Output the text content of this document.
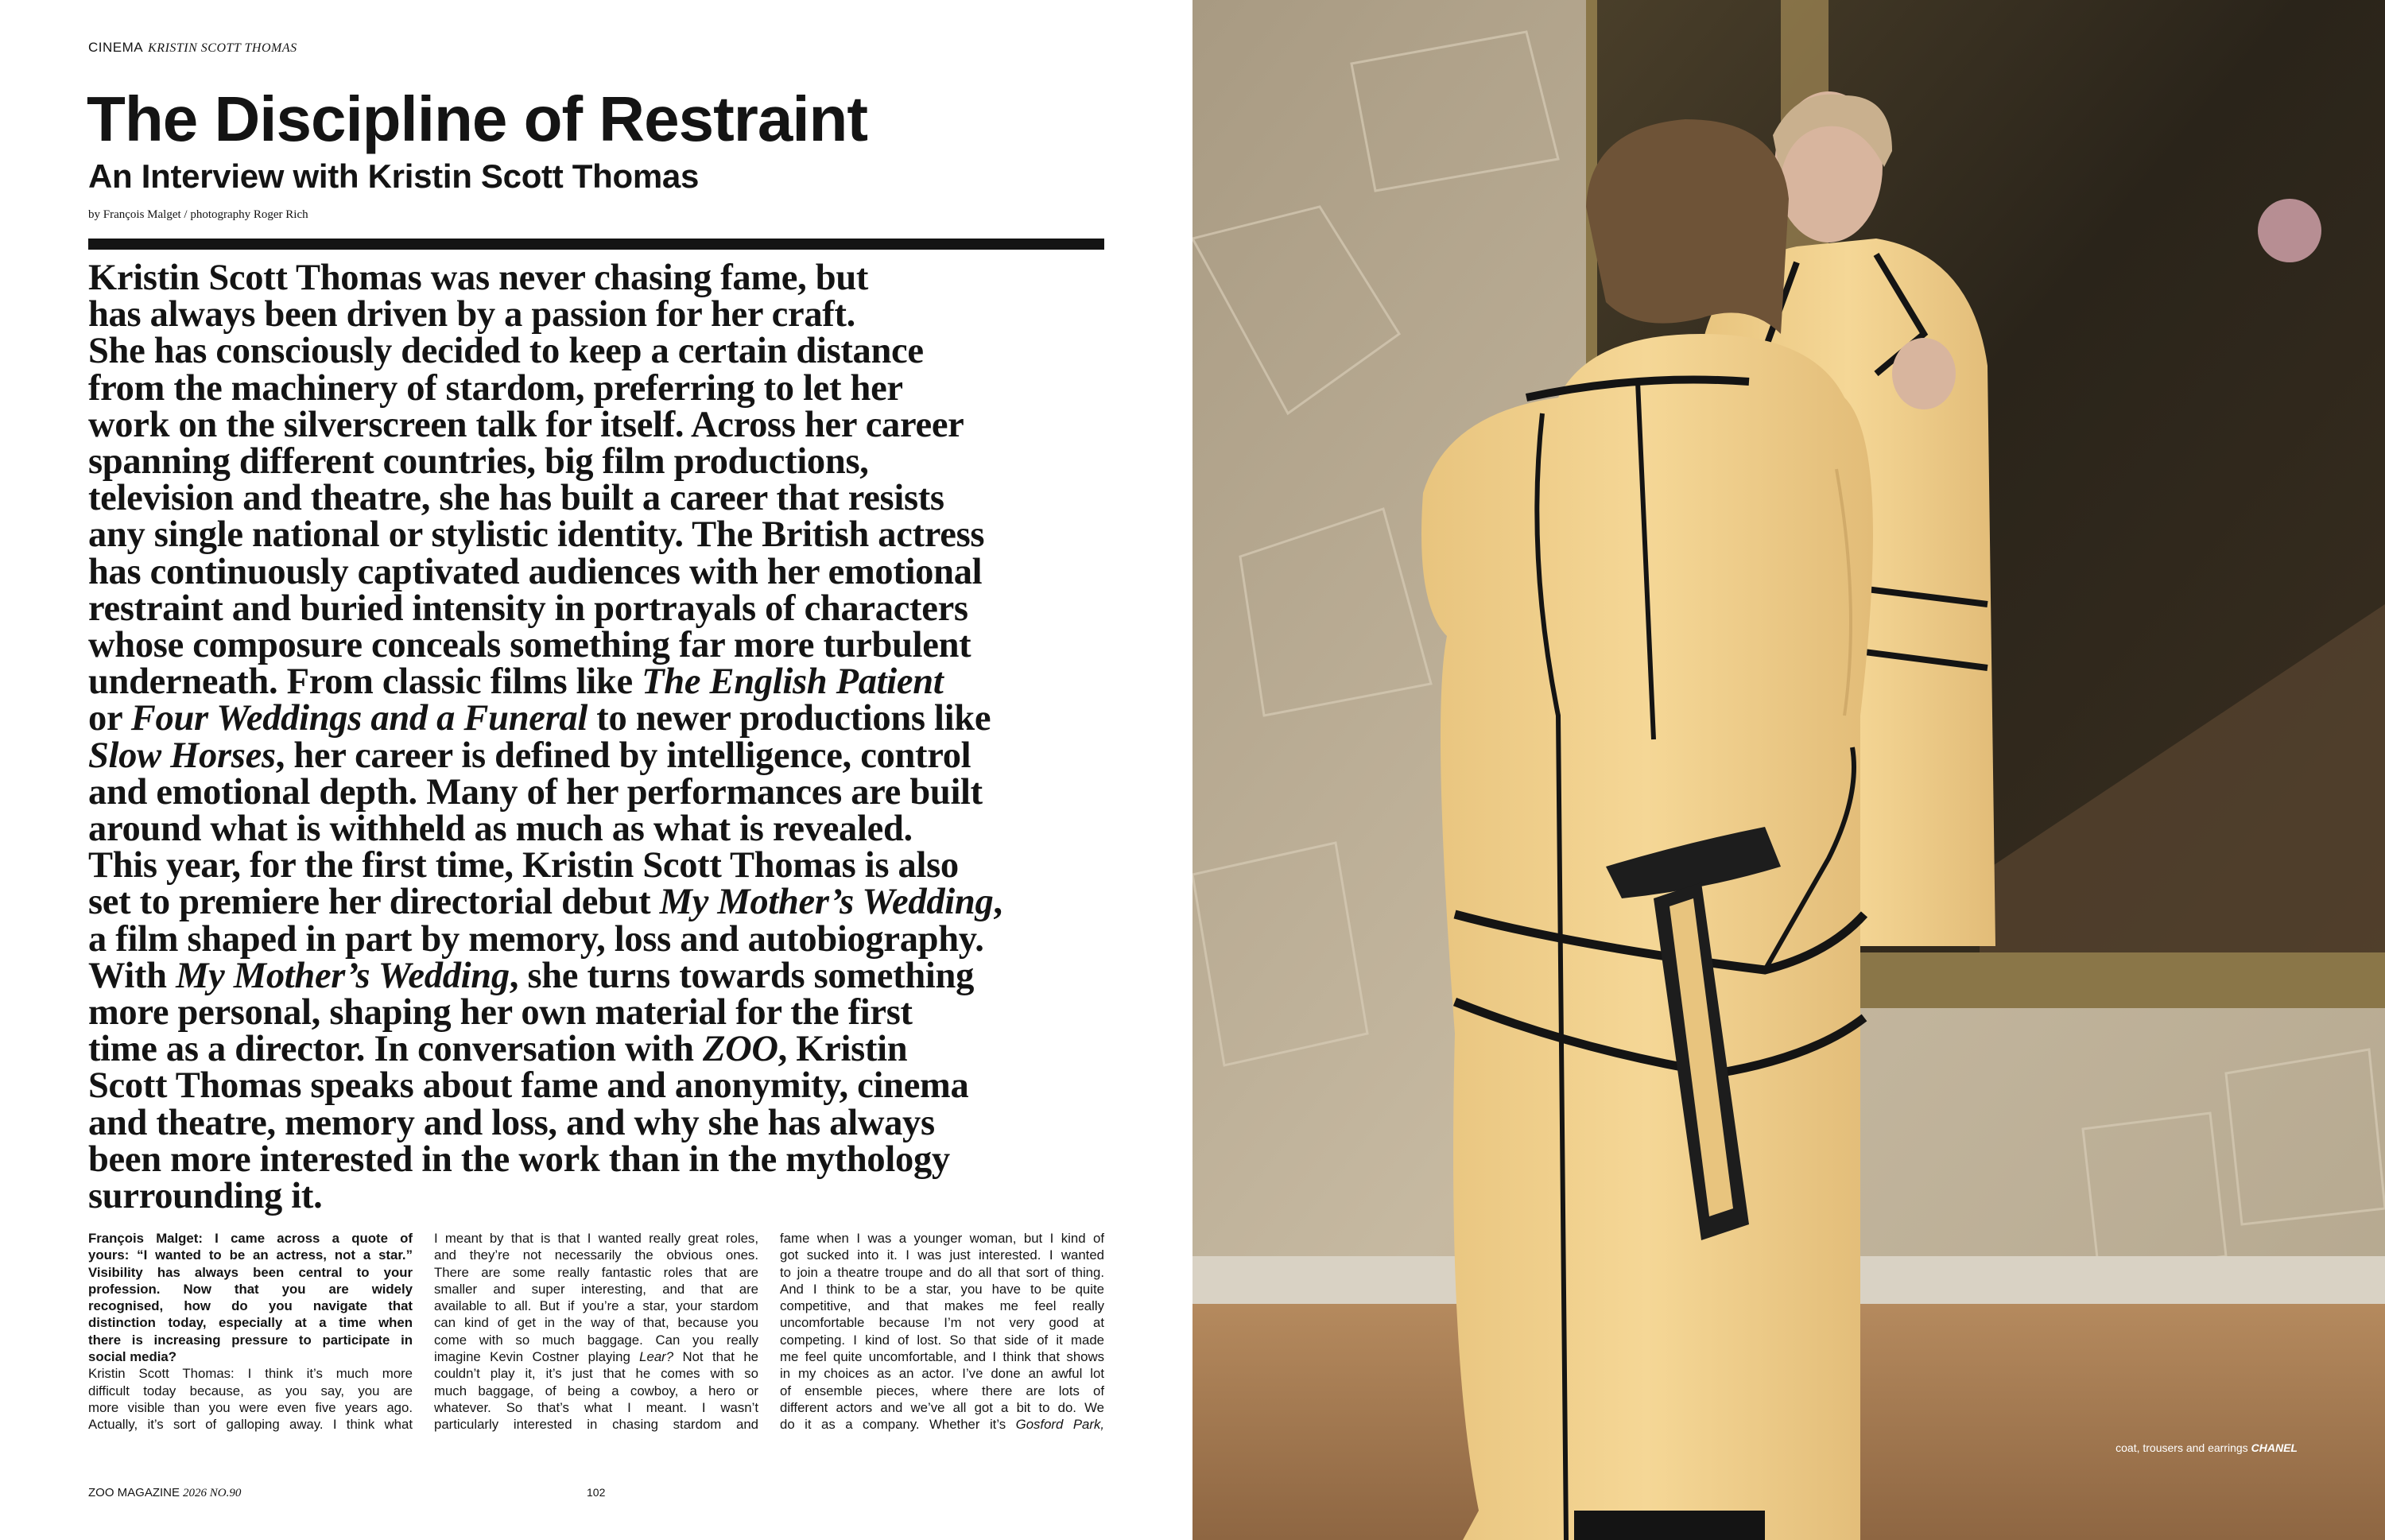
CINEMA KRISTIN SCOTT THOMAS
The Discipline of Restraint
An Interview with Kristin Scott Thomas
by François Malget / photography Roger Rich
Kristin Scott Thomas was never chasing fame, but
has always been driven by a passion for her craft.
She has consciously decided to keep a certain distance
from the machinery of stardom, preferring to let her
work on the silverscreen talk for itself. Across her career
spanning different countries, big film productions,
television and theatre, she has built a career that resists
any single national or stylistic identity. The British actress
has continuously captivated audiences with her emotional
restraint and buried intensity in portrayals of characters
whose composure conceals something far more turbulent
underneath. From classic films like The English Patient
or Four Weddings and a Funeral to newer productions like
Slow Horses, her career is defined by intelligence, control
and emotional depth. Many of her performances are built
around what is withheld as much as what is revealed.
This year, for the first time, Kristin Scott Thomas is also
set to premiere her directorial debut My Mother’s Wedding,
a film shaped in part by memory, loss and autobiography.
With My Mother’s Wedding, she turns towards something
more personal, shaping her own material for the first
time as a director. In conversation with ZOO, Kristin
Scott Thomas speaks about fame and anonymity, cinema
and theatre, memory and loss, and why she has always
been more interested in the work than in the mythology
surrounding it.
François Malget: I came across a quote of
yours: “I wanted to be an actress, not a star.”
Visibility has always been central to your
profession. Now that you are widely
recognised, how do you navigate that
distinction today, especially at a time when
there is increasing pressure to participate in
social media?
Kristin Scott Thomas: I think it’s much more
difficult today because, as you say, you are
more visible than you were even five years ago.
Actually, it’s sort of galloping away. I think what
I meant by that is that I wanted really great roles,
and they’re not necessarily the obvious ones.
There are some really fantastic roles that are
smaller and super interesting, and that are
available to all. But if you’re a star, your stardom
can kind of get in the way of that, because you
come with so much baggage. Can you really
imagine Kevin Costner playing Lear? Not that he
couldn’t play it, it’s just that he comes with so
much baggage, of being a cowboy, a hero or
whatever. So that’s what I meant. I wasn’t
particularly interested in chasing stardom and
fame when I was a younger woman, but I kind of
got sucked into it. I was just interested. I wanted
to join a theatre troupe and do all that sort of thing.
And I think to be a star, you have to be quite
competitive, and that makes me feel really
uncomfortable because I’m not very good at
competing. I kind of lost. So that side of it made
me feel quite uncomfortable, and I think that shows
in my choices as an actor. I’ve done an awful lot
of ensemble pieces, where there are lots of
different actors and we’ve all got a bit to do. We
do it as a company. Whether it’s Gosford Park,
ZOO MAGAZINE 2026 NO.90	102
coat, trousers and earrings CHANEL
